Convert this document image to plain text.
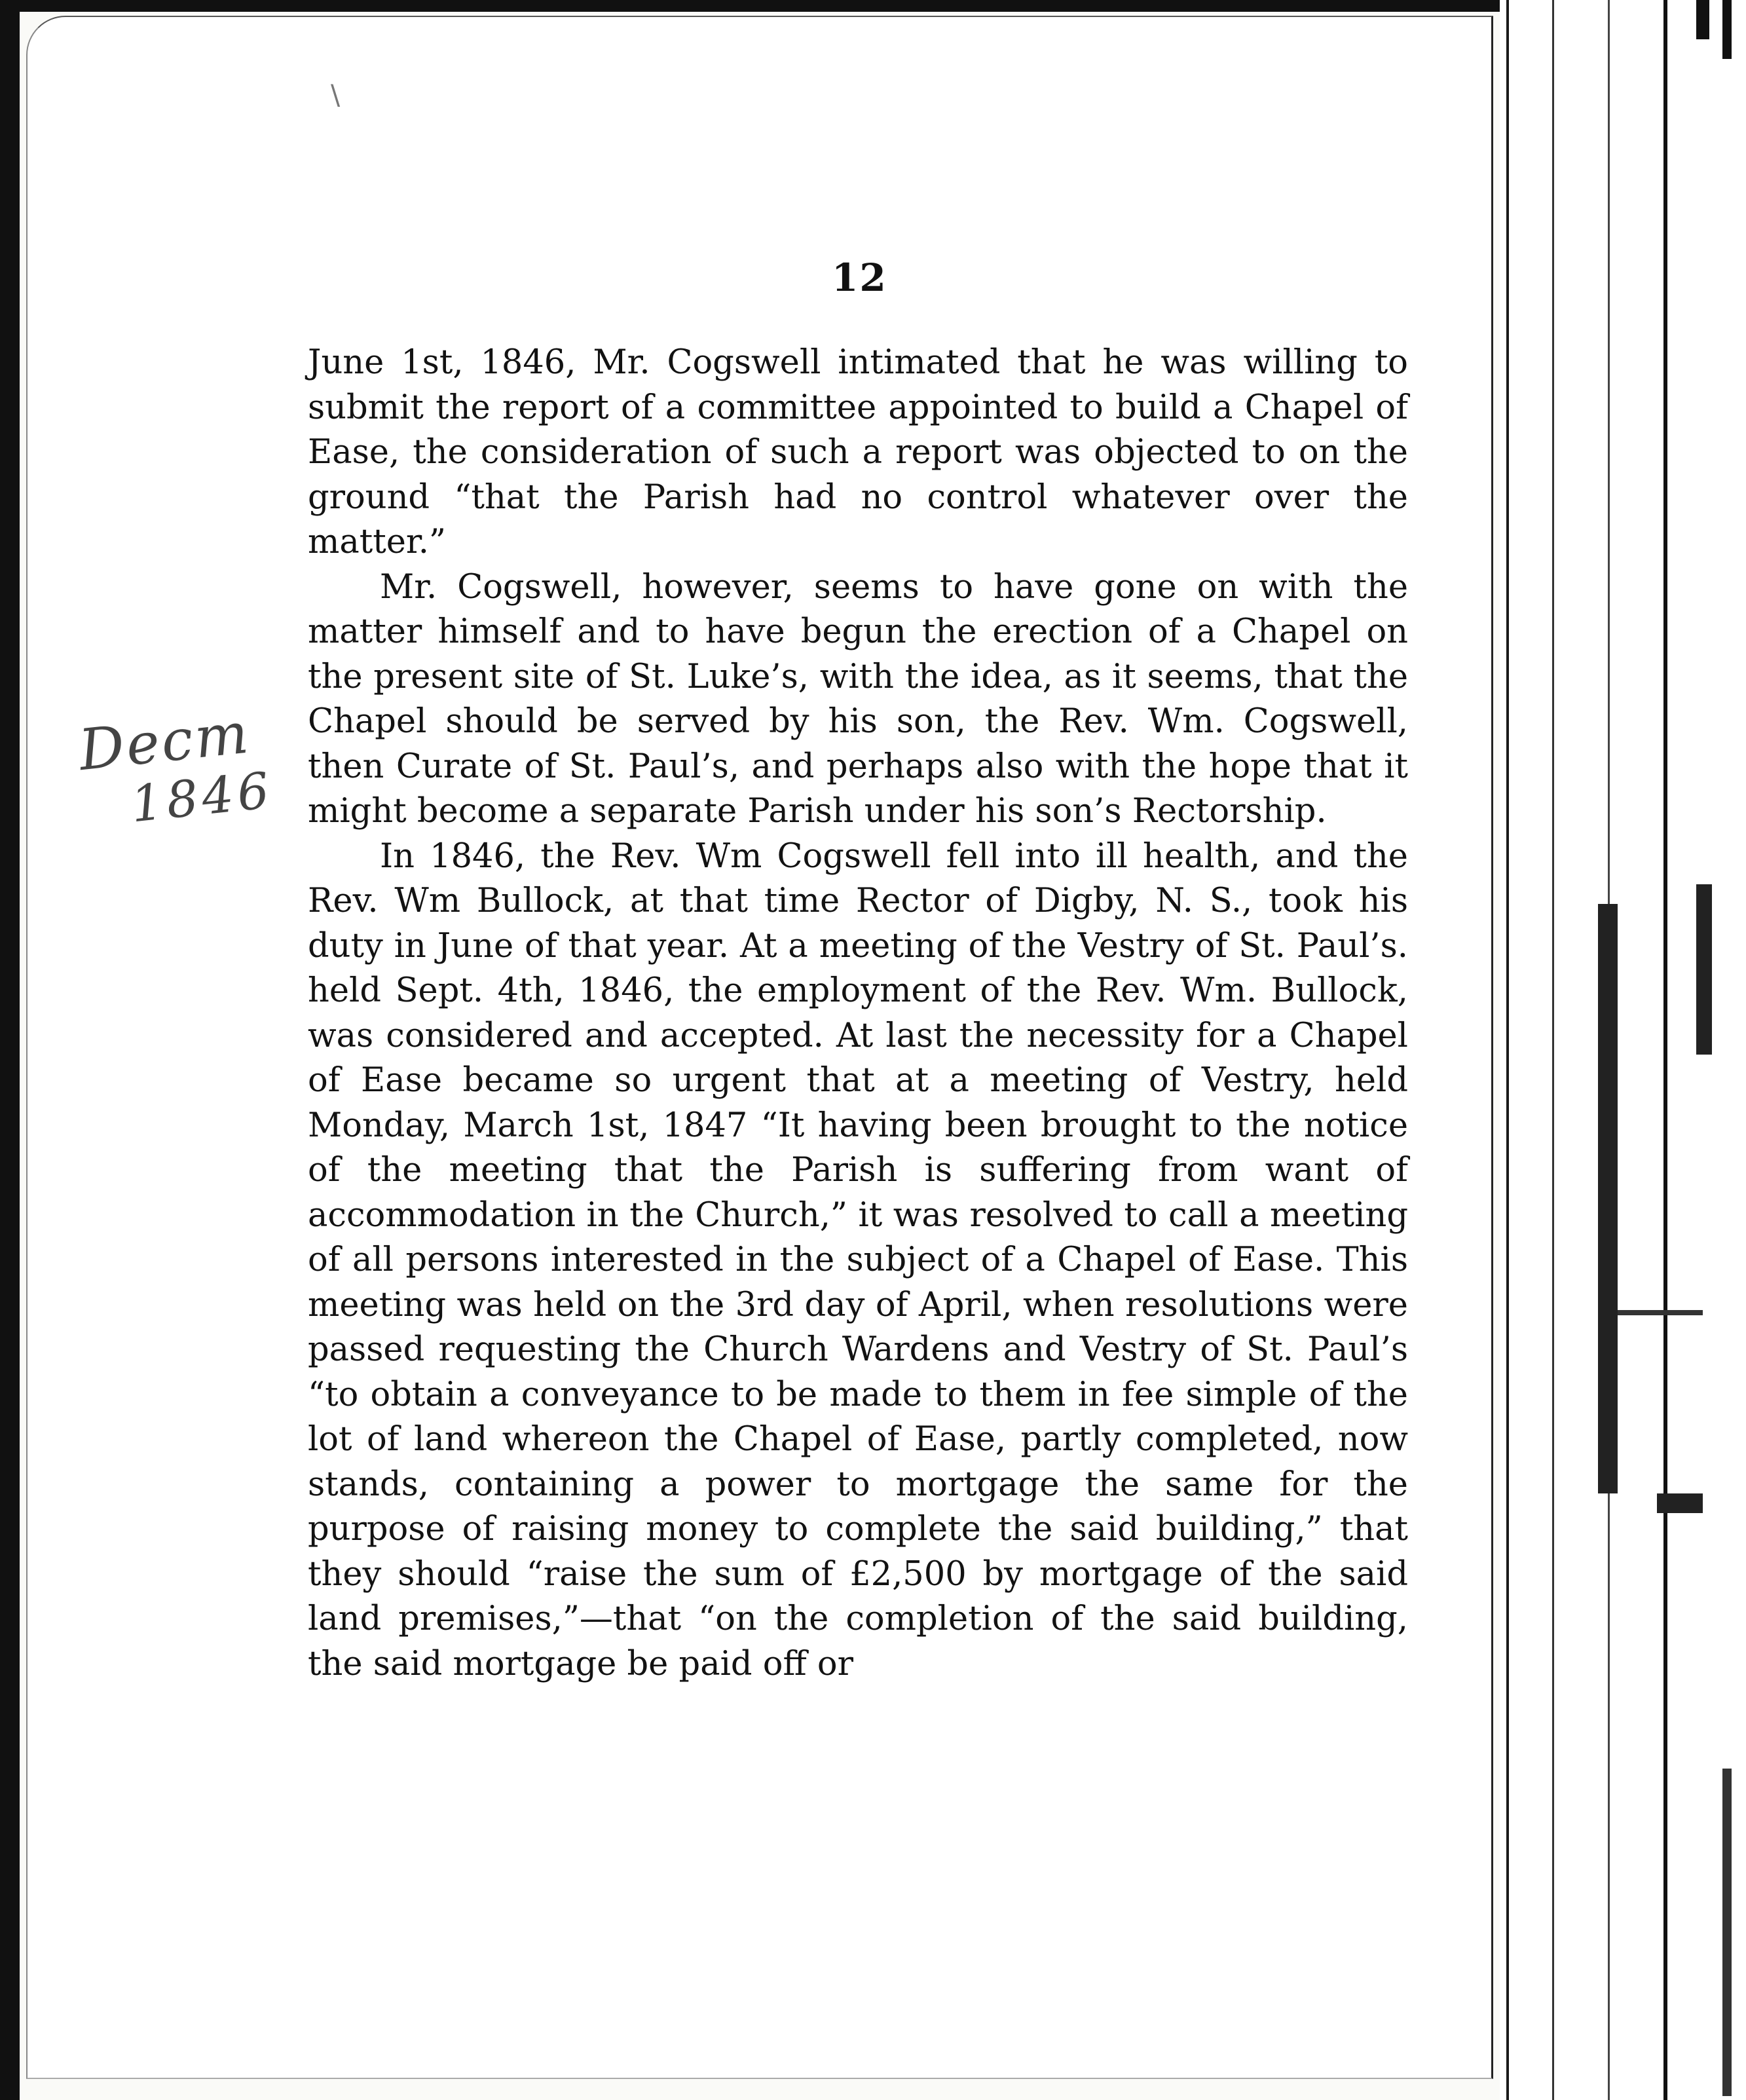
\
12
Decm
1846

June 1st, 1846, Mr. Cogswell intimated that he was willing to submit the report of a committee appointed to build a Chapel of Ease, the consideration of such a report was objected to on the ground “that the Parish had no control whatever over the matter.”

Mr. Cogswell, however, seems to have gone on with the matter himself and to have begun the erection of a Chapel on the present site of St. Luke’s, with the idea, as it seems, that the Chapel should be served by his son, the Rev. Wm. Cogswell, then Curate of St. Paul’s, and perhaps also with the hope that it might become a separate Parish under his son’s Rectorship.

In 1846, the Rev. Wm Cogswell fell into ill health, and the Rev. Wm Bullock, at that time Rector of Digby, N. S., took his duty in June of that year. At a meeting of the Vestry of St. Paul’s. held Sept. 4th, 1846, the employment of the Rev. Wm. Bullock, was considered and accepted. At last the necessity for a Chapel of Ease became so urgent that at a meeting of Vestry, held Monday, March 1st, 1847 “It having been brought to the notice of the meeting that the Parish is suffering from want of accommodation in the Church,” it was resolved to call a meeting of all persons interested in the subject of a Chapel of Ease. This meeting was held on the 3rd day of April, when resolutions were passed requesting the Church Wardens and Vestry of St. Paul’s “to obtain a conveyance to be made to them in fee simple of the lot of land whereon the Chapel of Ease, partly completed, now stands, containing a power to mortgage the same for the purpose of raising money to complete the said building,” that they should “raise the sum of £2,500 by mortgage of the said land premises,”—that “on the completion of the said building, the said mortgage be paid off or
